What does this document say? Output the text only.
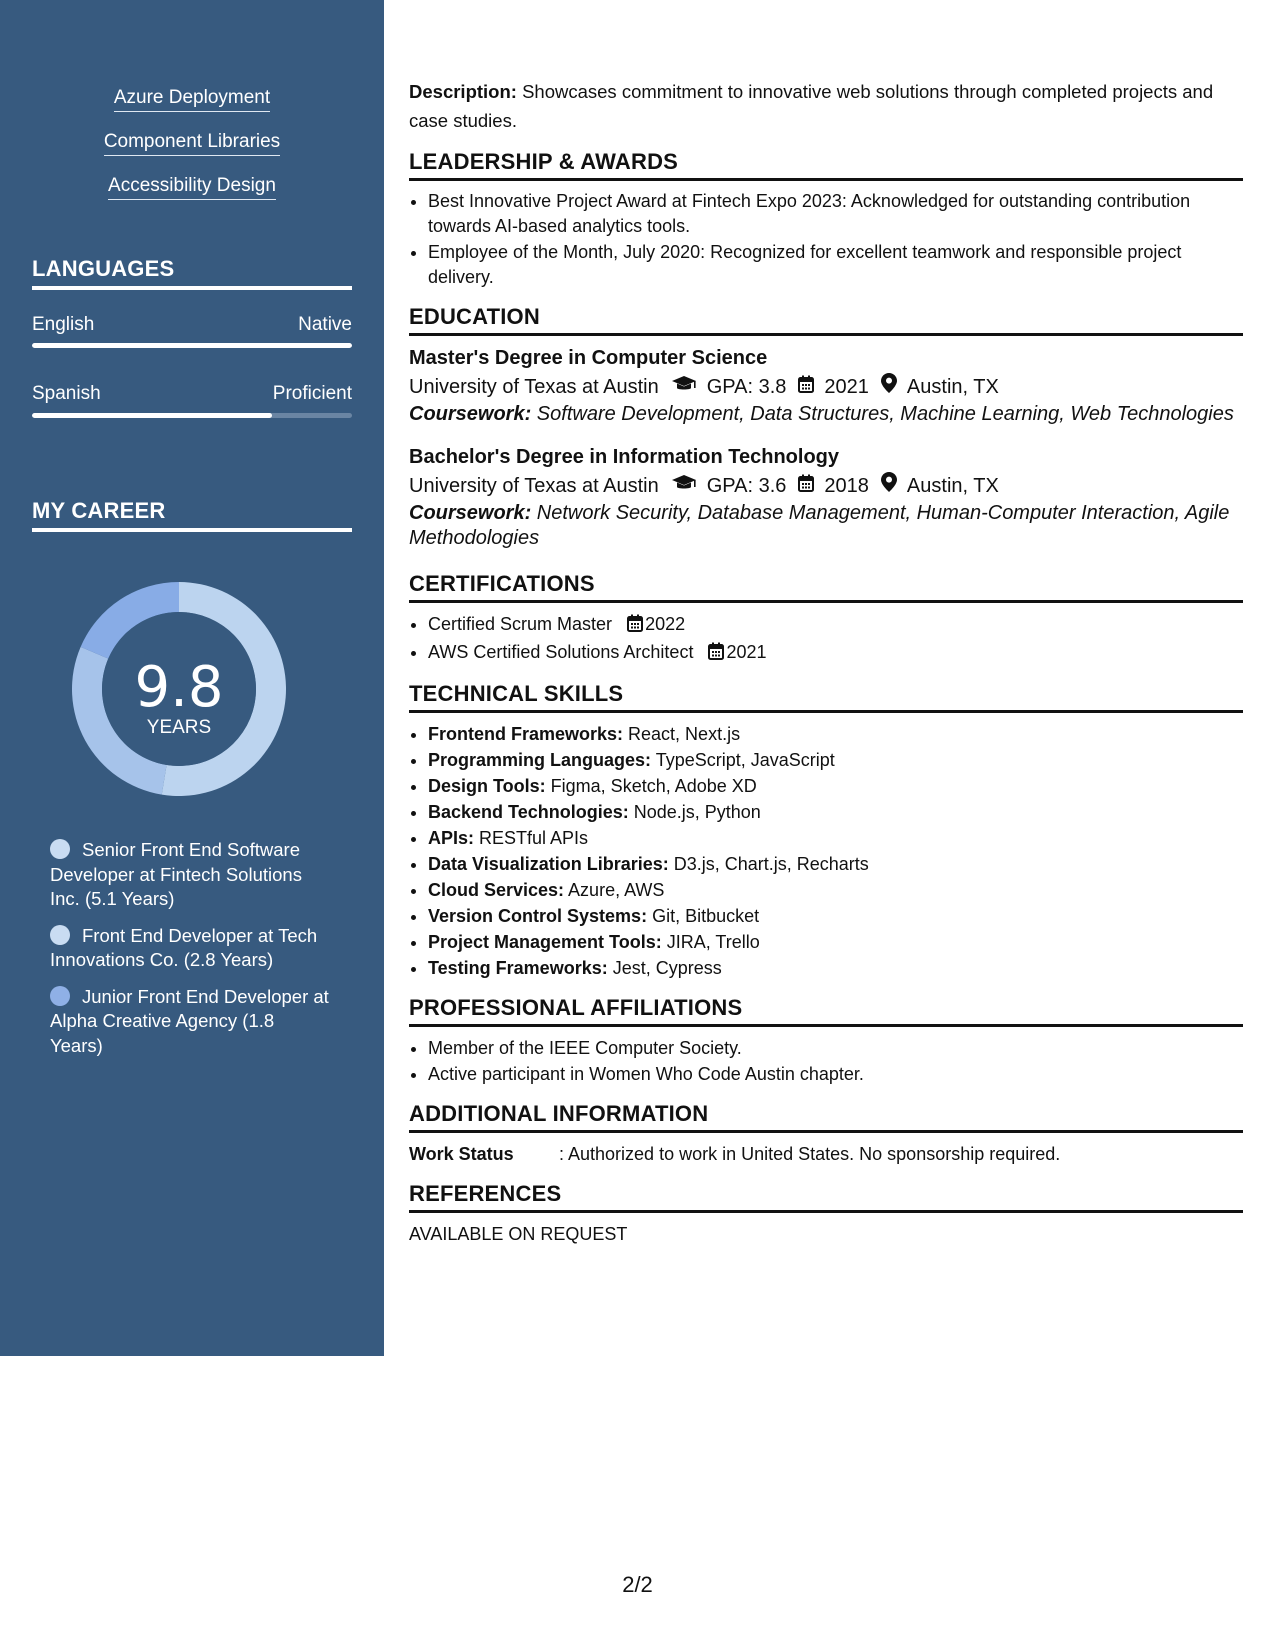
Azure Deployment
Component Libraries
Accessibility Design
LANGUAGES
English	Native
Spanish	Proficient
MY CAREER
9.8
YEARS
Senior Front End Software Developer at Fintech Solutions Inc. (5.1 Years)
Front End Developer at Tech Innovations Co. (2.8 Years)
Junior Front End Developer at Alpha Creative Agency (1.8 Years)

Description: Showcases commitment to innovative web solutions through completed projects and case studies.

LEADERSHIP & AWARDS
• Best Innovative Project Award at Fintech Expo 2023: Acknowledged for outstanding contribution towards AI-based analytics tools.
• Employee of the Month, July 2020: Recognized for excellent teamwork and responsible project delivery.
EDUCATION
Master's Degree in Computer Science
University of Texas at Austin GPA: 3.8 2021 Austin, TX

Coursework: Software Development, Data Structures, Machine Learning, Web Technologies

Bachelor's Degree in Information Technology
University of Texas at Austin GPA: 3.6 2018 Austin, TX

Coursework: Network Security, Database Management, Human-Computer Interaction, Agile Methodologies

CERTIFICATIONS
• Certified Scrum Master 2022
• AWS Certified Solutions Architect 2021
TECHNICAL SKILLS
• Frontend Frameworks: React, Next.js
• Programming Languages: TypeScript, JavaScript
• Design Tools: Figma, Sketch, Adobe XD
• Backend Technologies: Node.js, Python
• APIs: RESTful APIs
• Data Visualization Libraries: D3.js, Chart.js, Recharts
• Cloud Services: Azure, AWS
• Version Control Systems: Git, Bitbucket
• Project Management Tools: JIRA, Trello
• Testing Frameworks: Jest, Cypress
PROFESSIONAL AFFILIATIONS
• Member of the IEEE Computer Society.
• Active participant in Women Who Code Austin chapter.
ADDITIONAL INFORMATION
Work Status	: Authorized to work in United States. No sponsorship required.
REFERENCES

AVAILABLE ON REQUEST

2/2
